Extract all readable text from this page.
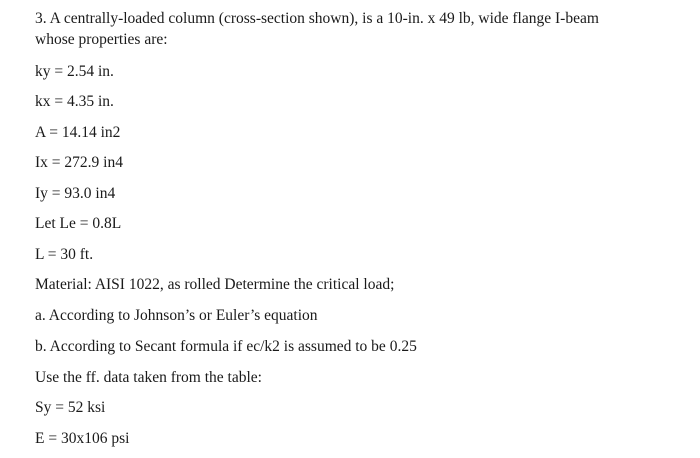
3. A centrally-loaded column (cross-section shown), is a 10-in. x 49 lb, wide flange I-beam
whose properties are:
ky = 2.54 in.
kx = 4.35 in.
A = 14.14 in2
Ix = 272.9 in4
Iy = 93.0 in4
Let Le = 0.8L
L = 30 ft.
Material: AISI 1022, as rolled Determine the critical load;
a. According to Johnson’s or Euler’s equation
b. According to Secant formula if ec/k2 is assumed to be 0.25
Use the ff. data taken from the table:
Sy = 52 ksi
E = 30x106 psi
